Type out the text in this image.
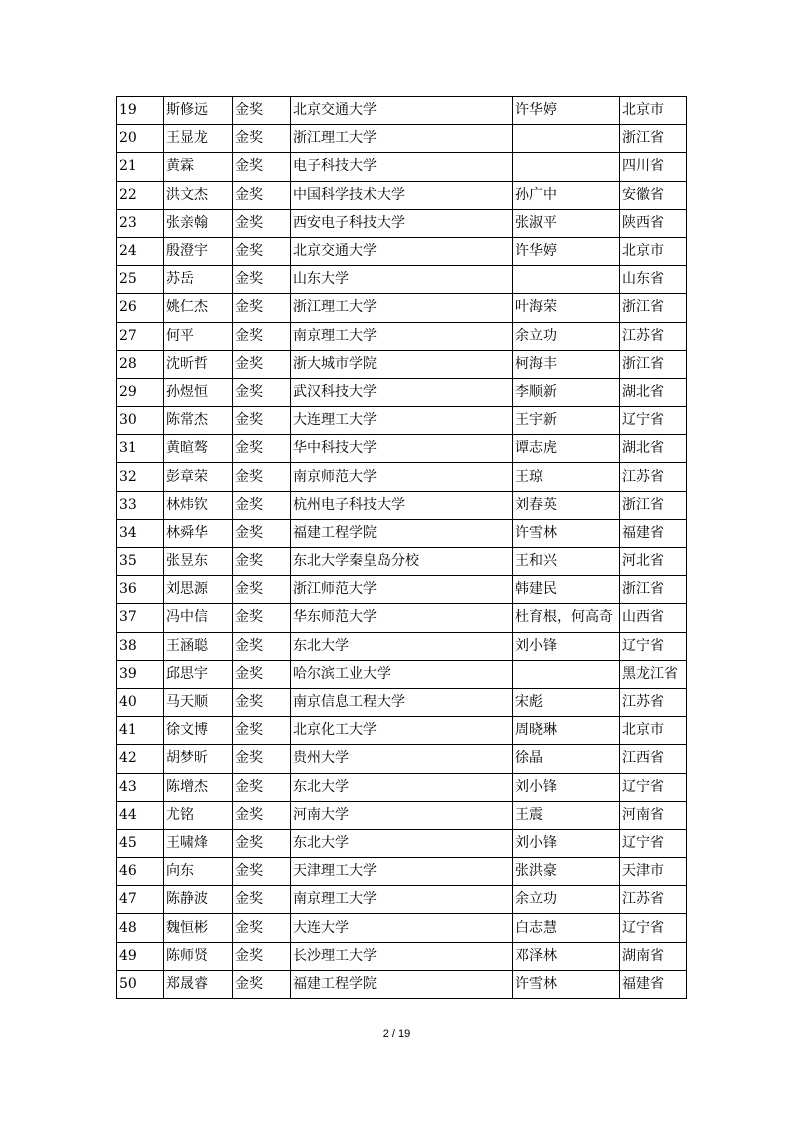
19	斯修远	金奖	北京交通大学	许华婷	北京市
20	王显龙	金奖	浙江理工大学		浙江省
21	黄霖	金奖	电子科技大学		四川省
22	洪文杰	金奖	中国科学技术大学	孙广中	安徽省
23	张亲翰	金奖	西安电子科技大学	张淑平	陕西省
24	殷澄宇	金奖	北京交通大学	许华婷	北京市
25	苏岳	金奖	山东大学		山东省
26	姚仁杰	金奖	浙江理工大学	叶海荣	浙江省
27	何平	金奖	南京理工大学	余立功	江苏省
28	沈昕哲	金奖	浙大城市学院	柯海丰	浙江省
29	孙煜恒	金奖	武汉科技大学	李顺新	湖北省
30	陈常杰	金奖	大连理工大学	王宇新	辽宁省
31	黄暄骜	金奖	华中科技大学	谭志虎	湖北省
32	彭章荣	金奖	南京师范大学	王琼	江苏省
33	林炜钦	金奖	杭州电子科技大学	刘春英	浙江省
34	林舜华	金奖	福建工程学院	许雪林	福建省
35	张昱东	金奖	东北大学秦皇岛分校	王和兴	河北省
36	刘思源	金奖	浙江师范大学	韩建民	浙江省
37	冯中信	金奖	华东师范大学	杜育根，何高奇	山西省
38	王涵聪	金奖	东北大学	刘小锋	辽宁省
39	邱思宇	金奖	哈尔滨工业大学		黑龙江省
40	马天顺	金奖	南京信息工程大学	宋彪	江苏省
41	徐文博	金奖	北京化工大学	周晓琳	北京市
42	胡梦昕	金奖	贵州大学	徐晶	江西省
43	陈增杰	金奖	东北大学	刘小锋	辽宁省
44	尤铭	金奖	河南大学	王震	河南省
45	王啸烽	金奖	东北大学	刘小锋	辽宁省
46	向东	金奖	天津理工大学	张洪豪	天津市
47	陈静波	金奖	南京理工大学	余立功	江苏省
48	魏恒彬	金奖	大连大学	白志慧	辽宁省
49	陈师贤	金奖	长沙理工大学	邓泽林	湖南省
50	郑晟睿	金奖	福建工程学院	许雪林	福建省
2 / 19
